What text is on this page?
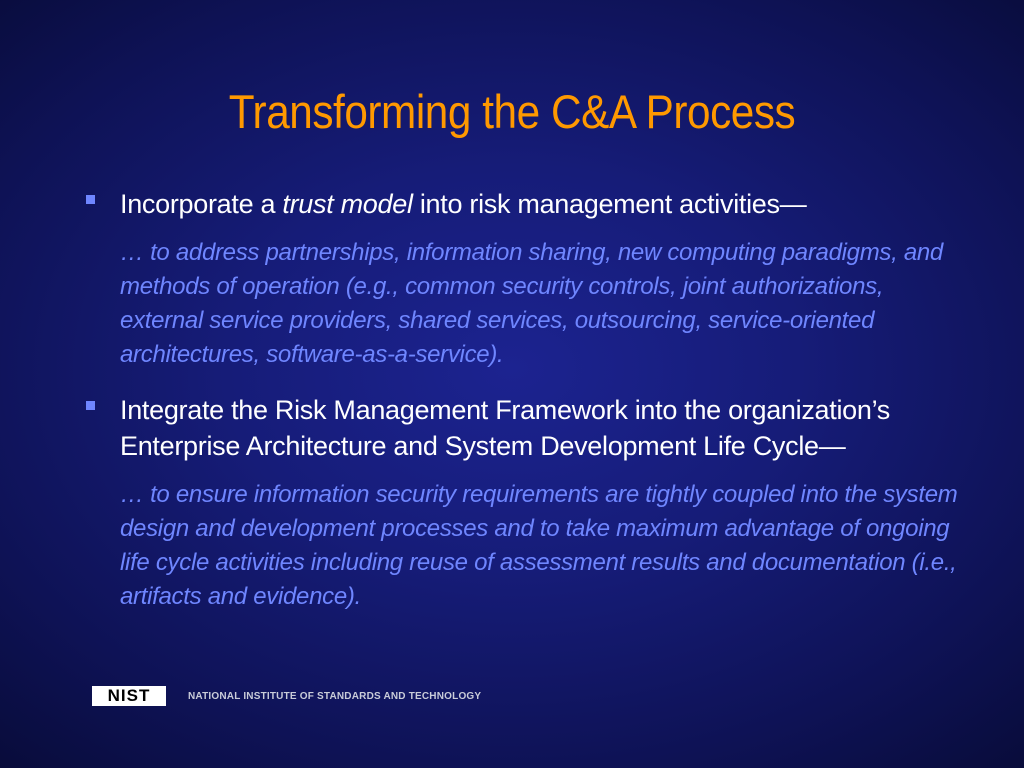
Transforming the C&A Process
Incorporate a trust model into risk management activities—
… to address partnerships, information sharing, new computing paradigms, and methods of operation (e.g., common security controls, joint authorizations, external service providers, shared services, outsourcing, service-oriented architectures, software-as-a-service).
Integrate the Risk Management Framework into the organization’s Enterprise Architecture and System Development Life Cycle—
… to ensure information security requirements are tightly coupled into the system design and development processes and to take maximum advantage of ongoing life cycle activities including reuse of assessment results and documentation (i.e., artifacts and evidence).
NIST	NATIONAL INSTITUTE OF STANDARDS AND TECHNOLOGY
